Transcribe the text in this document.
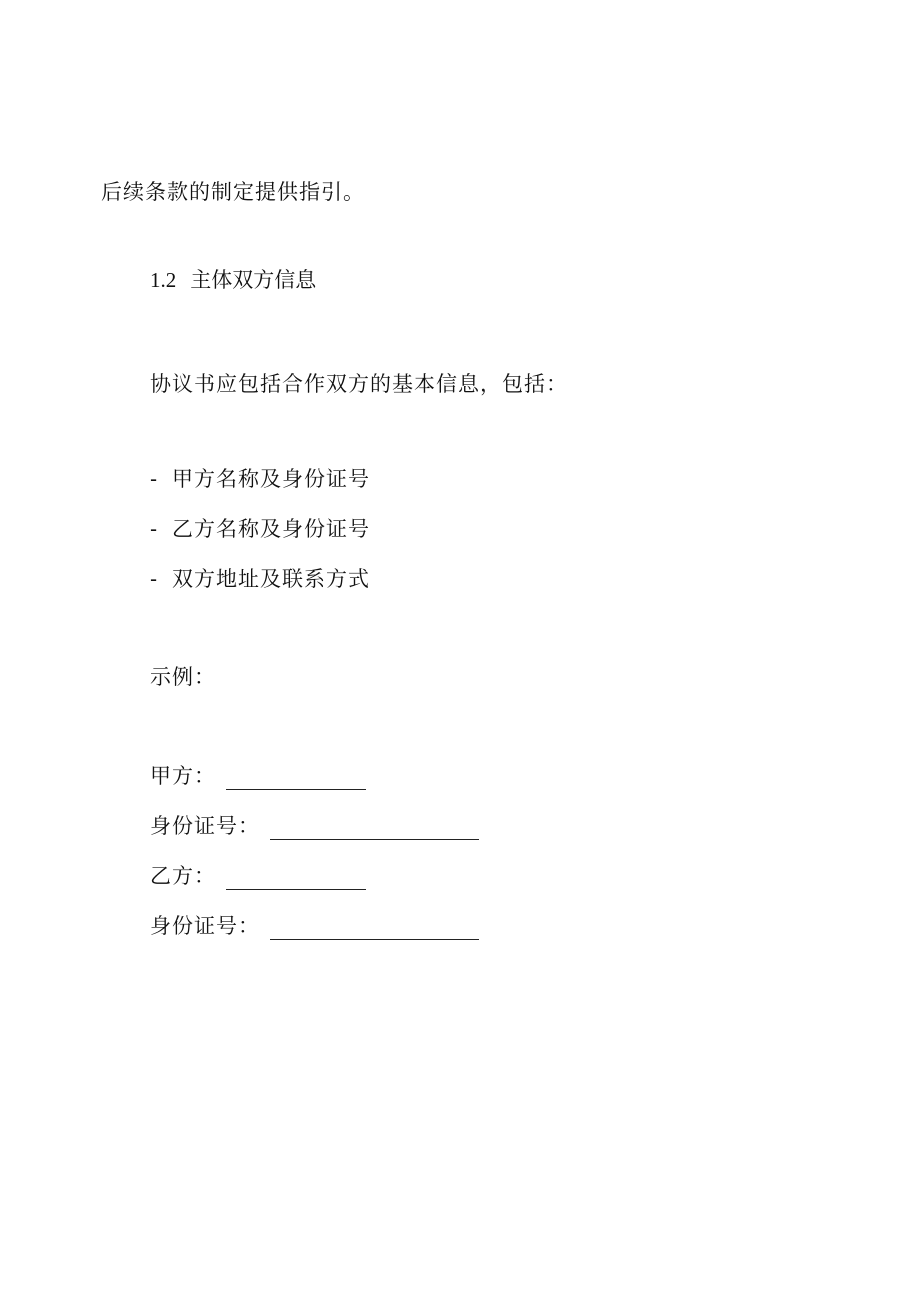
后续条款的制定提供指引。
1.2 主体双方信息
协议书应包括合作双方的基本信息，包括：
- 甲方名称及身份证号
- 乙方名称及身份证号
- 双方地址及联系方式
示例：
甲方：
身份证号：
乙方：
身份证号：
